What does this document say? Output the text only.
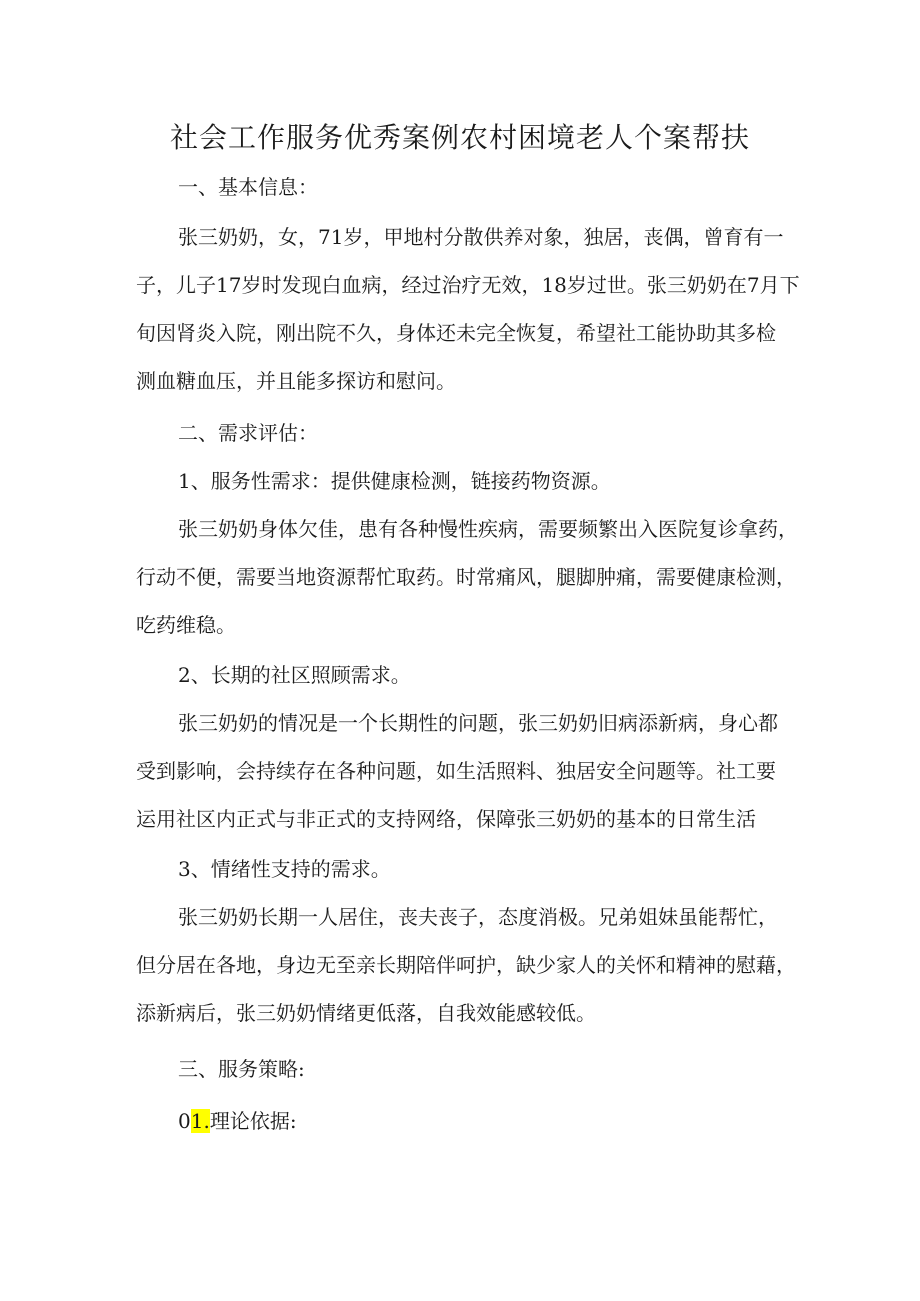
社会工作服务优秀案例农村困境老人个案帮扶
一、基本信息：
张三奶奶，女，71岁，甲地村分散供养对象，独居，丧偶，曾育有一
子，儿子17岁时发现白血病，经过治疗无效，18岁过世。张三奶奶在7月下
旬因肾炎入院，刚出院不久，身体还未完全恢复，希望社工能协助其多检
测血糖血压，并且能多探访和慰问。
二、需求评估：
1、服务性需求：提供健康检测，链接药物资源。
张三奶奶身体欠佳，患有各种慢性疾病，需要频繁出入医院复诊拿药，
行动不便，需要当地资源帮忙取药。时常痛风，腿脚肿痛，需要健康检测，
吃药维稳。
2、长期的社区照顾需求。
张三奶奶的情况是一个长期性的问题，张三奶奶旧病添新病，身心都
受到影响，会持续存在各种问题，如生活照料、独居安全问题等。社工要
运用社区内正式与非正式的支持网络，保障张三奶奶的基本的日常生活
3、情绪性支持的需求。
张三奶奶长期一人居住，丧夫丧子，态度消极。兄弟姐妹虽能帮忙，
但分居在各地，身边无至亲长期陪伴呵护，缺少家人的关怀和精神的慰藉，
添新病后，张三奶奶情绪更低落，自我效能感较低。
三、服务策略:
01.理论依据:
